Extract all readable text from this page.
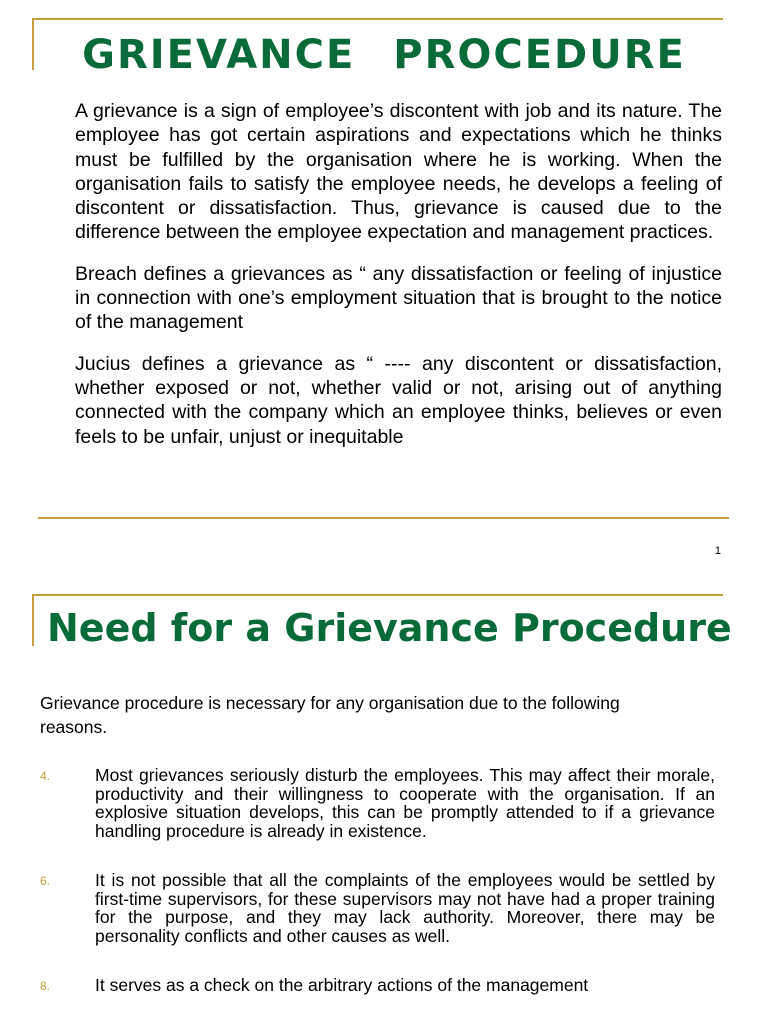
GRIEVANCE PROCEDURE

A grievance is a sign of employee’s discontent with job and its nature. The employee has got certain aspirations and expectations which he thinks must be fulfilled by the organisation where he is working. When the organisation fails to satisfy the employee needs, he develops a feeling of discontent or dissatisfaction. Thus, grievance is caused due to the difference between the employee expectation and management practices.

Breach defines a grievances as “ any dissatisfaction or feeling of injustice in connection with one’s employment situation that is brought to the notice of the management

Jucius defines a grievance as “ ---- any discontent or dissatisfaction, whether exposed or not, whether valid or not, arising out of anything connected with the company which an employee thinks, believes or even feels to be unfair, unjust or inequitable

1
Need for a Grievance Procedure

Grievance procedure is necessary for any organisation due to the following reasons.

4.	Most grievances seriously disturb the employees. This may affect their morale, productivity and their willingness to cooperate with the organisation. If an explosive situation develops, this can be promptly attended to if a grievance handling procedure is already in existence.
6.	It is not possible that all the complaints of the employees would be settled by first-time supervisors, for these supervisors may not have had a proper training for the purpose, and they may lack authority. Moreover, there may be personality conflicts and other causes as well.
8.	It serves as a check on the arbitrary actions of the management
